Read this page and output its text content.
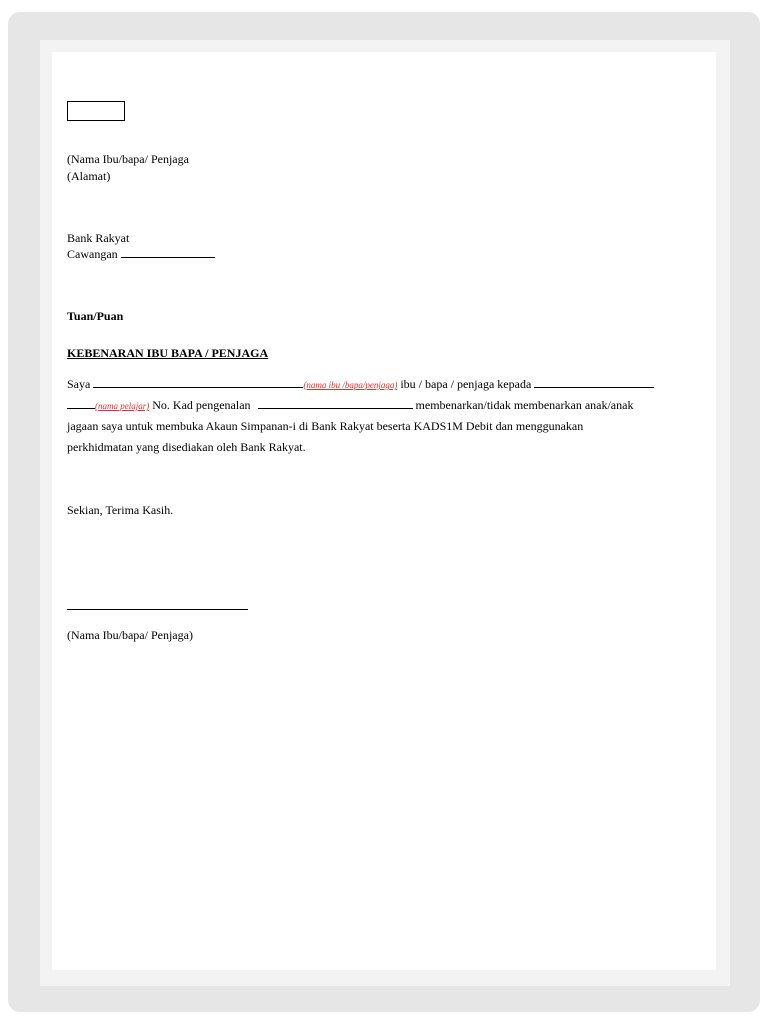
(Nama Ibu/bapa/ Penjaga
(Alamat)
Bank Rakyat
Cawangan
Tuan/Puan
KEBENARAN IBU BAPA / PENJAGA
Saya	(nama ibu /bapa/penjaga) ibu / bapa / penjaga kepada
(nama pelajar) No. Kad pengenalan	membenarkan/tidak membenarkan anak/anak
jagaan saya untuk membuka Akaun Simpanan-i di Bank Rakyat beserta KADS1M Debit dan menggunakan
perkhidmatan yang disediakan oleh Bank Rakyat.
Sekian, Terima Kasih.
(Nama Ibu/bapa/ Penjaga)
